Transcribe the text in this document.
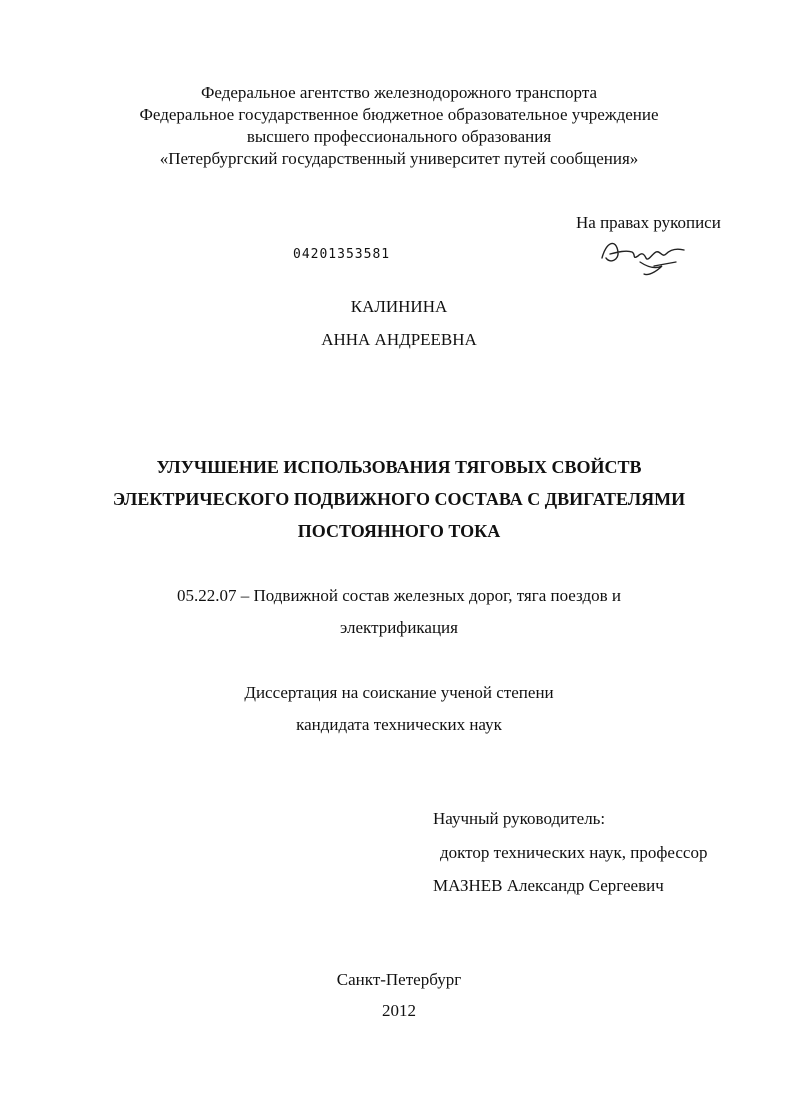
Федеральное агентство железнодорожного транспорта
Федеральное государственное бюджетное образовательное учреждение
высшего профессионального образования
«Петербургский государственный университет путей сообщения»
На правах рукописи
04201353581
КАЛИНИНА
АННА АНДРЕЕВНА
УЛУЧШЕНИЕ ИСПОЛЬЗОВАНИЯ ТЯГОВЫХ СВОЙСТВ
ЭЛЕКТРИЧЕСКОГО ПОДВИЖНОГО СОСТАВА С ДВИГАТЕЛЯМИ
ПОСТОЯННОГО ТОКА
05.22.07 – Подвижной состав железных дорог, тяга поездов и
электрификация
Диссертация на соискание ученой степени
кандидата технических наук
Научный руководитель:
доктор технических наук, профессор
МАЗНЕВ Александр Сергеевич
Санкт-Петербург
2012
